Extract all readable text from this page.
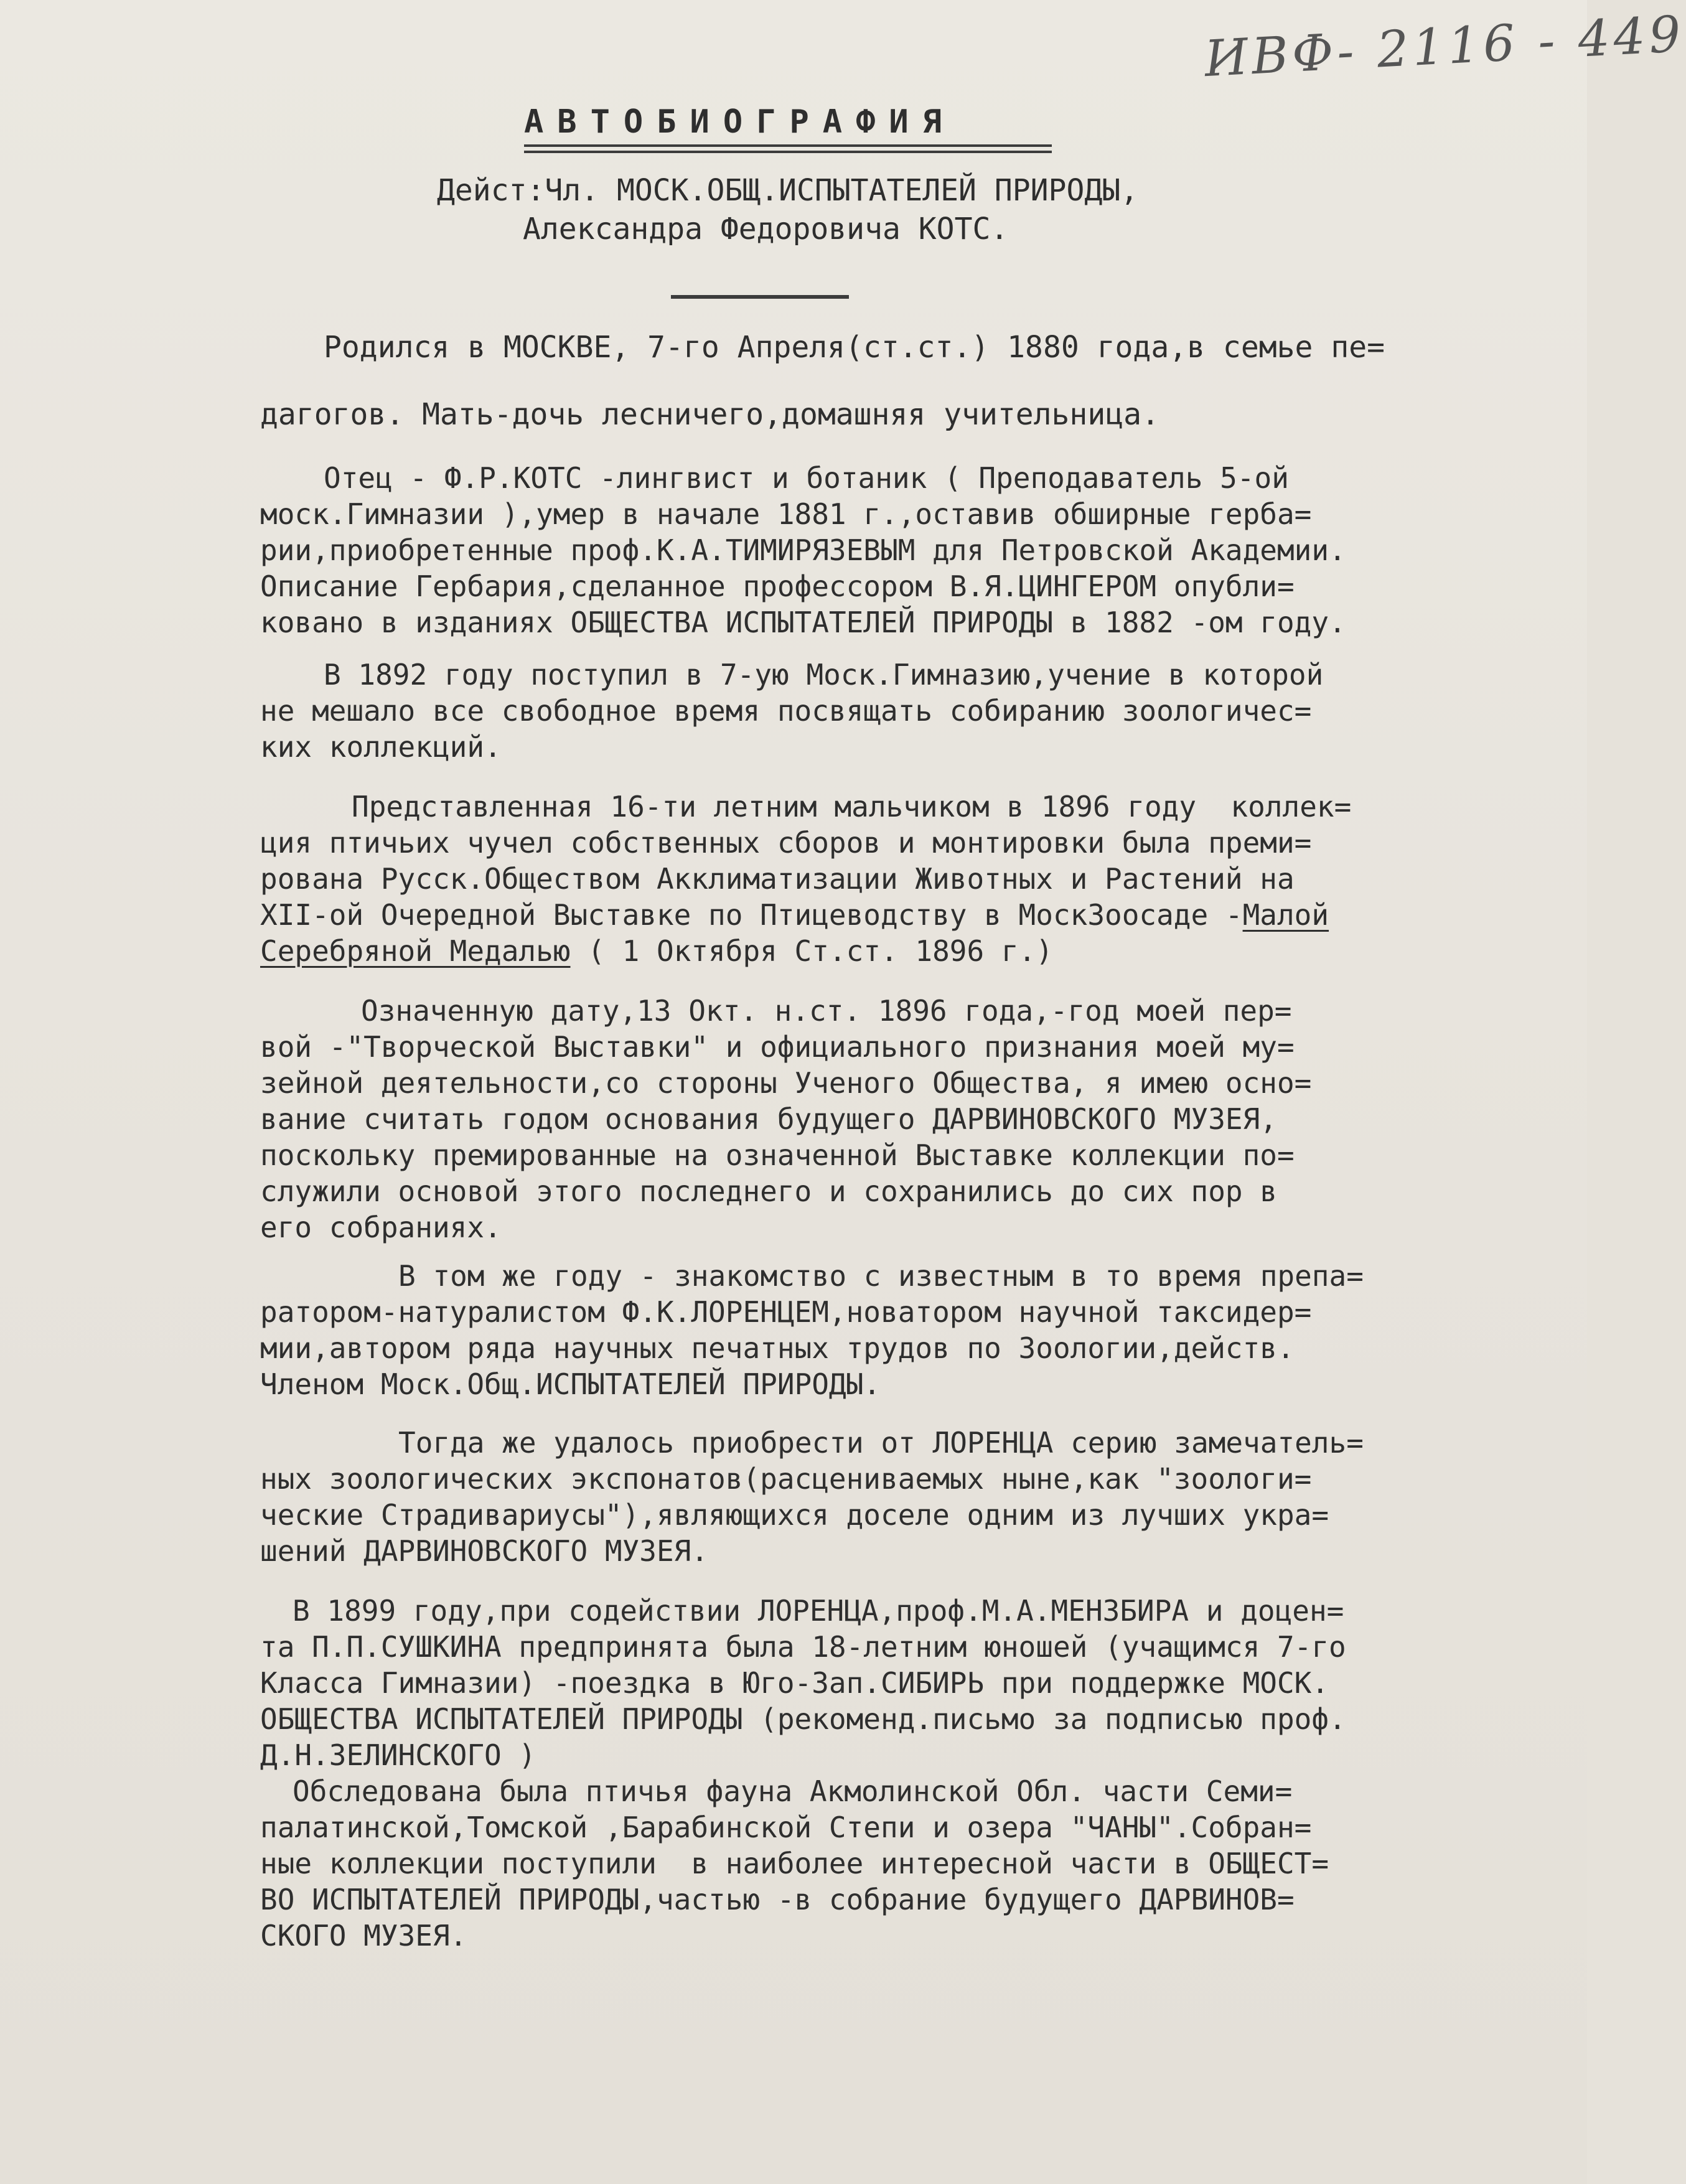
ИВФ- 2116 - 449

АВТОБИОГРАФИЯ

Дейст:Чл. МОСК.ОБЩ.ИСПЫТАТЕЛЕЙ ПРИРОДЫ,

Александра Федоровича КОТС.

Родился в МОСКВЕ, 7-го Апреля(ст.ст.) 1880 года,в семье пе=

дагогов. Мать-дочь лесничего,домашняя учительница.

Отец - Ф.Р.КОТС -лингвист и ботаник ( Преподаватель 5-ой

моск.Гимназии ),умер в начале 1881 г.,оставив обширные герба=

рии,приобретенные проф.К.А.ТИМИРЯЗЕВЫМ для Петровской Академии.

Описание Гербария,сделанное профессором В.Я.ЦИНГЕРОМ опубли=

ковано в изданиях ОБЩЕСТВА ИСПЫТАТЕЛЕЙ ПРИРОДЫ в 1882 -ом году.

В 1892 году поступил в 7-ую Моск.Гимназию,учение в которой

не мешало все свободное время посвящать собиранию зоологичес=

ких коллекций.

Представленная 16-ти летним мальчиком в 1896 году  коллек=

ция птичьих чучел собственных сборов и монтировки была преми=

рована Русск.Обществом Акклиматизации Животных и Растений на

XII-ой Очередной Выставке по Птицеводству в МоскЗоосаде -Малой

Серебряной Медалью ( 1 Октября Ст.ст. 1896 г.)

Означенную дату,13 Окт. н.ст. 1896 года,-год моей пер=

вой -"Творческой Выставки" и официального признания моей му=

зейной деятельности,со стороны Ученого Общества, я имею осно=

вание считать годом основания будущего ДАРВИНОВСКОГО МУЗЕЯ,

поскольку премированные на означенной Выставке коллекции по=

служили основой этого последнего и сохранились до сих пор в

его собраниях.

В том же году - знакомство с известным в то время препа=

ратором-натуралистом Ф.К.ЛОРЕНЦЕМ,новатором научной таксидер=

мии,автором ряда научных печатных трудов по Зоологии,действ.

Членом Моск.Общ.ИСПЫТАТЕЛЕЙ ПРИРОДЫ.

Тогда же удалось приобрести от ЛОРЕНЦА серию замечатель=

ных зоологических экспонатов(расцениваемых ныне,как "зоологи=

ческие Страдивариусы"),являющихся доселе одним из лучших укра=

шений ДАРВИНОВСКОГО МУЗЕЯ.

В 1899 году,при содействии ЛОРЕНЦА,проф.М.А.МЕНЗБИРА и доцен=

та П.П.СУШКИНА предпринята была 18-летним юношей (учащимся 7-го

Класса Гимназии) -поездка в Юго-Зап.СИБИРЬ при поддержке МОСК.

ОБЩЕСТВА ИСПЫТАТЕЛЕЙ ПРИРОДЫ (рекоменд.письмо за подписью проф.

Д.Н.ЗЕЛИНСКОГО )

Обследована была птичья фауна Акмолинской Обл. части Семи=

палатинской,Томской ,Барабинской Степи и озера "ЧАНЫ".Собран=

ные коллекции поступили  в наиболее интересной части в ОБЩЕСТ=

ВО ИСПЫТАТЕЛЕЙ ПРИРОДЫ,частью -в собрание будущего ДАРВИНОВ=

СКОГО МУЗЕЯ.
